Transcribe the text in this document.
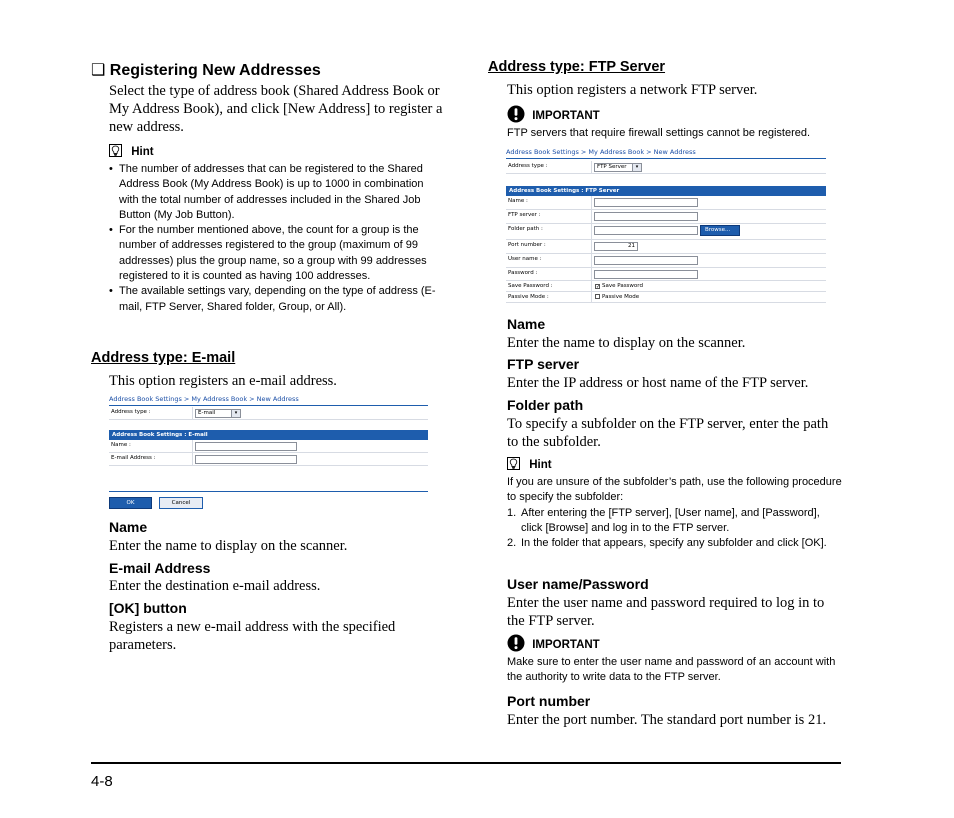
❑ Registering New Addresses
Select the type of address book (Shared Address Book or My Address Book), and click [New Address] to register a new address.
Hint
• The number of addresses that can be registered to the Shared Address Book (My Address Book) is up to 1000 in combination with the total number of addresses included in the Shared Job Button (My Job Button).
• For the number mentioned above, the count for a group is the number of addresses registered to the group (maximum of 99 addresses) plus the group name, so a group with 99 addresses registered to it is counted as having 100 addresses.
• The available settings vary, depending on the type of address (E-mail, FTP Server, Shared folder, Group, or All).
Address type: E-mail
This option registers an e-mail address.
Address Book Settings > My Address Book > New Address
Address type :	E-mail	▾
Address Book Settings : E-mail
Name :
E-mail Address :
OK	Cancel
Name
Enter the name to display on the scanner.
E-mail Address
Enter the destination e-mail address.
[OK] button
Registers a new e-mail address with the specified parameters.
Address type: FTP Server
This option registers a network FTP server.
IMPORTANT
FTP servers that require firewall settings cannot be registered.
Address Book Settings > My Address Book > New Address
Address type :	FTP Server	▾
Address Book Settings : FTP Server
Name :
FTP server :
Folder path :	Browse...
Port number :	21
User name :
Password :
Save Password :	✓ Save Password
Passive Mode :	Passive Mode
Name
Enter the name to display on the scanner.
FTP server
Enter the IP address or host name of the FTP server.
Folder path
To specify a subfolder on the FTP server, enter the path to the subfolder.
Hint
If you are unsure of the subfolder’s path, use the following procedure to specify the subfolder:
After entering the [FTP server], [User name], and [Password], click [Browse] and log in to the FTP server.
In the folder that appears, specify any subfolder and click [OK].
User name/Password
Enter the user name and password required to log in to the FTP server.
IMPORTANT
Make sure to enter the user name and password of an account with the authority to write data to the FTP server.
Port number
Enter the port number. The standard port number is 21.
4-8
